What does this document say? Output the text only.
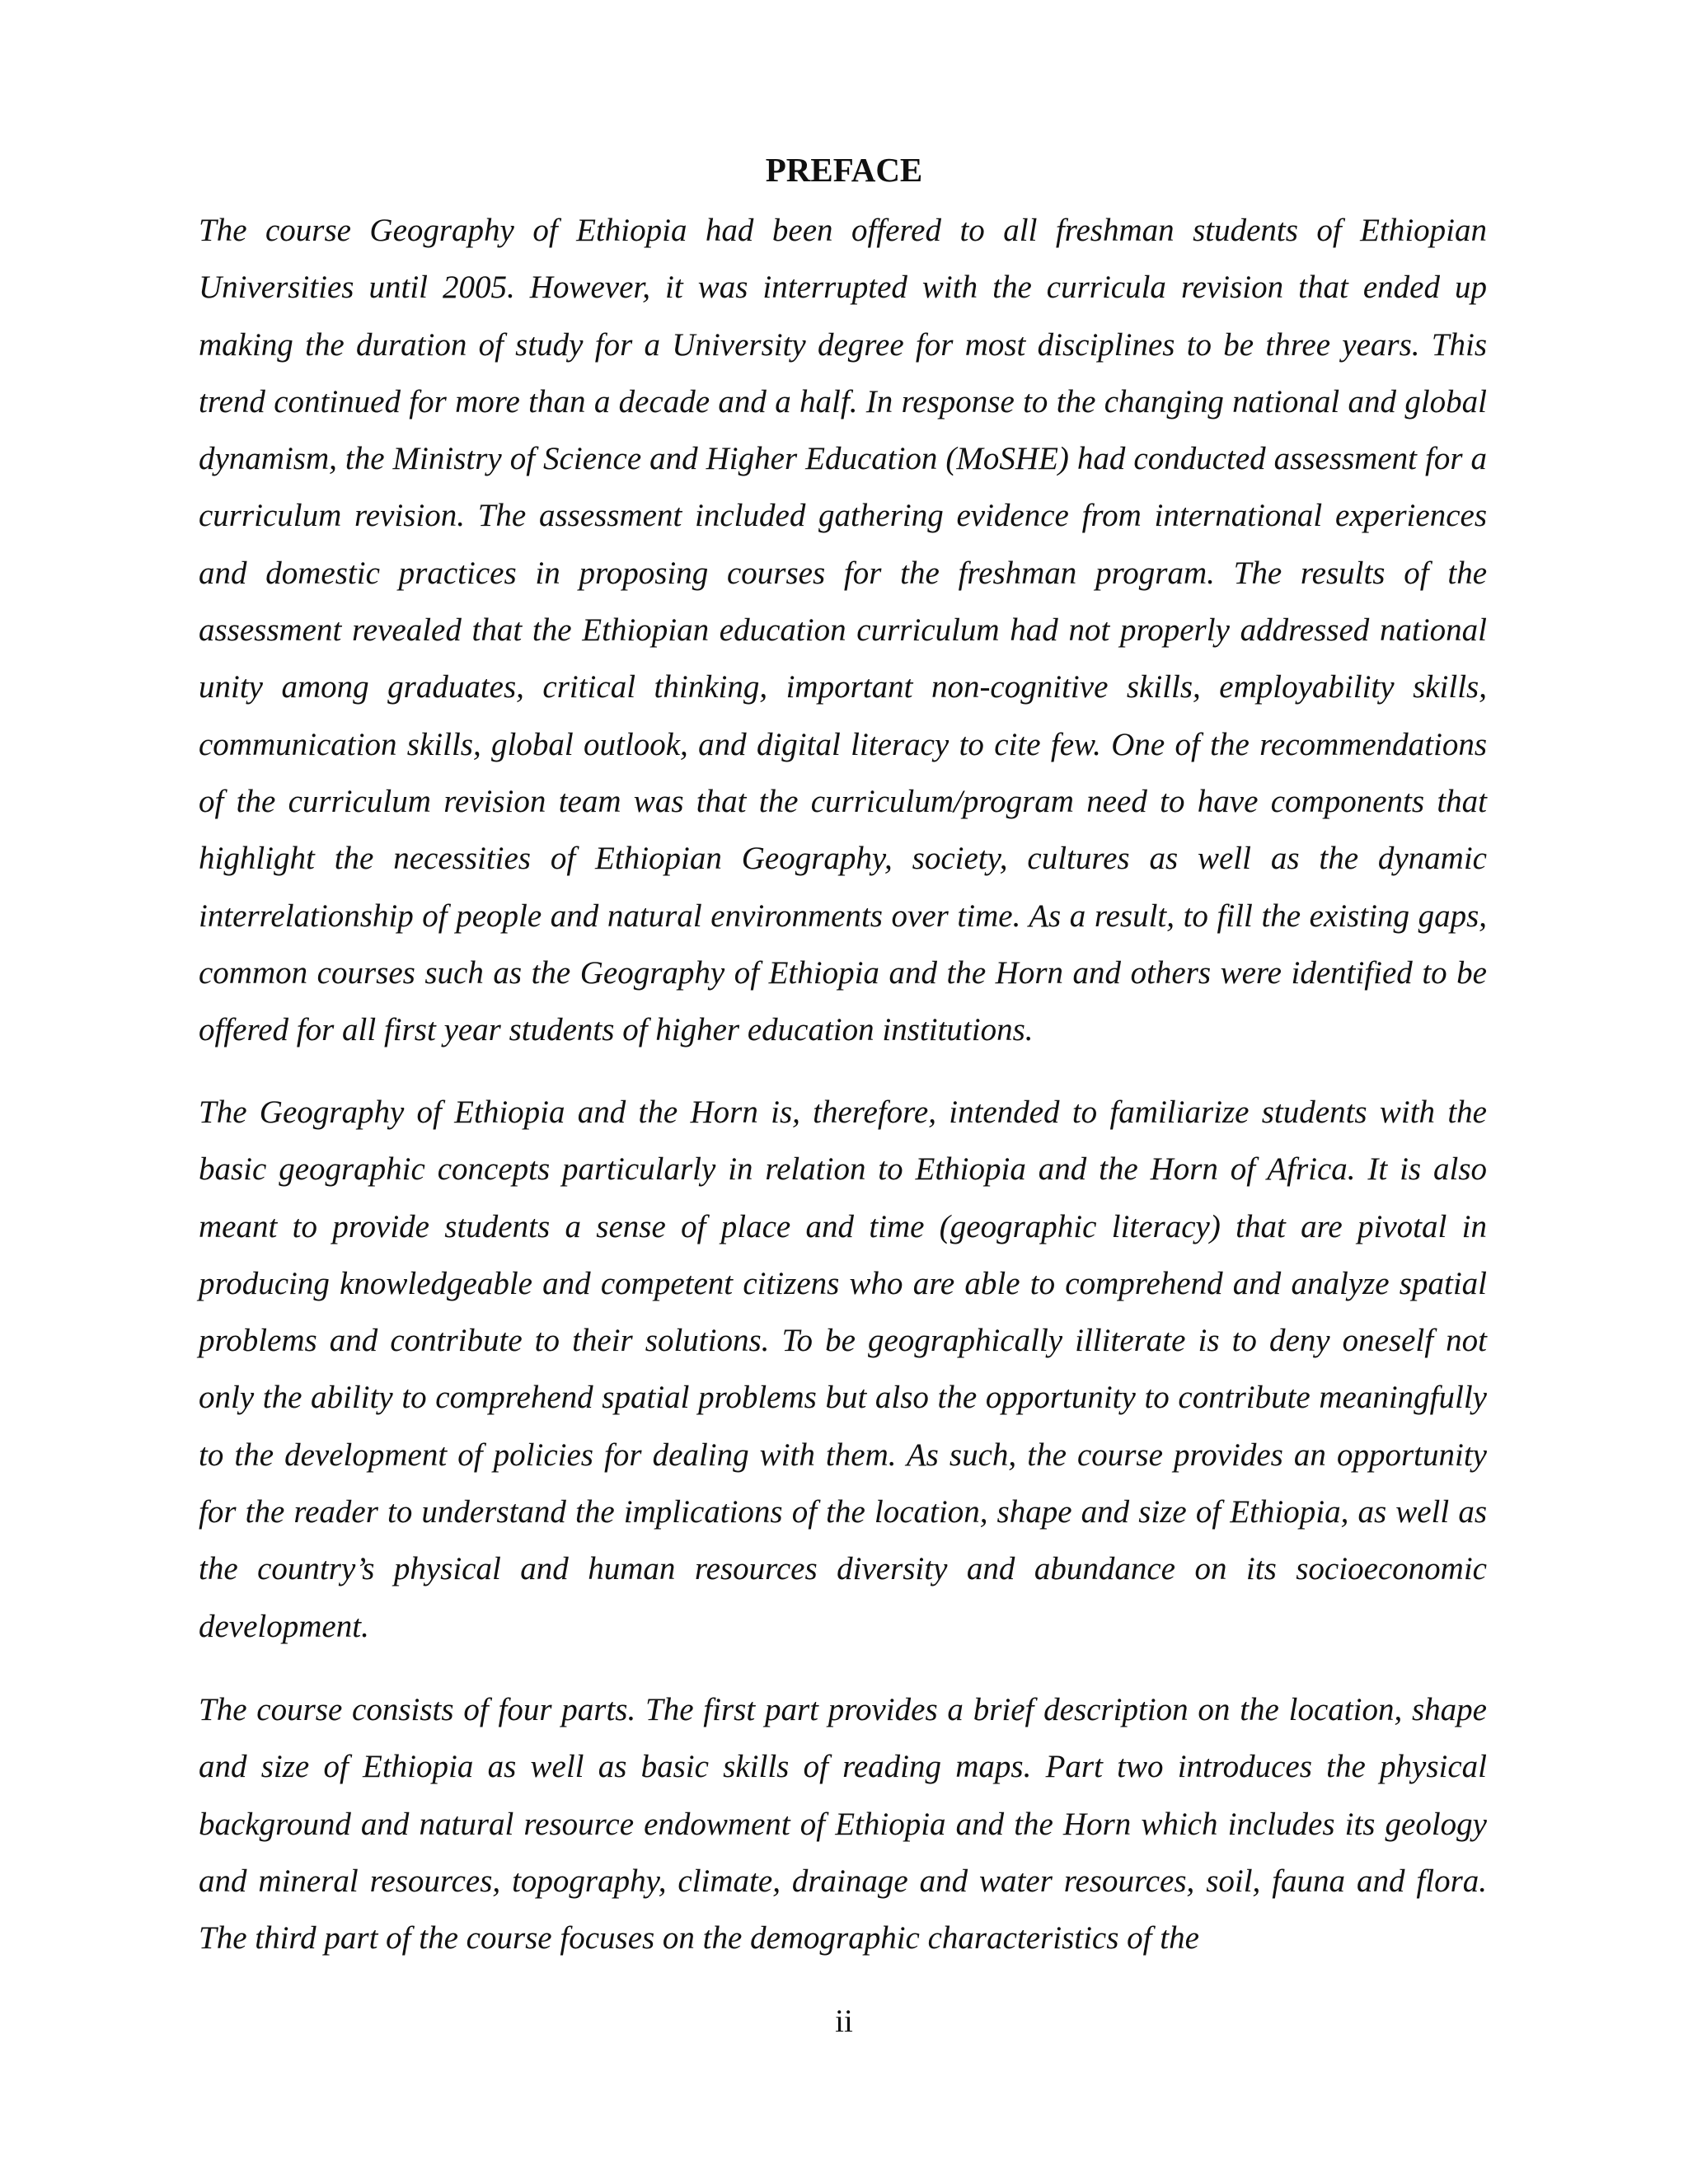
PREFACE

The course Geography of Ethiopia had been offered to all freshman students of Ethiopian Universities until 2005. However, it was interrupted with the curricula revision that ended up making the duration of study for a University degree for most disciplines to be three years. This trend continued for more than a decade and a half. In response to the changing national and global dynamism, the Ministry of Science and Higher Education (MoSHE) had conducted assessment for a curriculum revision. The assessment included gathering evidence from international experiences and domestic practices in proposing courses for the freshman program. The results of the assessment revealed that the Ethiopian education curriculum had not properly addressed national unity among graduates, critical thinking, important non-cognitive skills, employability skills, communication skills, global outlook, and digital literacy to cite few. One of the recommendations of the curriculum revision team was that the curriculum/program need to have components that highlight the necessities of Ethiopian Geography, society, cultures as well as the dynamic interrelationship of people and natural environments over time. As a result, to fill the existing gaps, common courses such as the Geography of Ethiopia and the Horn and others were identified to be offered for all first year students of higher education institutions.

The Geography of Ethiopia and the Horn is, therefore, intended to familiarize students with the basic geographic concepts particularly in relation to Ethiopia and the Horn of Africa. It is also meant to provide students a sense of place and time (geographic literacy) that are pivotal in producing knowledgeable and competent citizens who are able to comprehend and analyze spatial problems and contribute to their solutions. To be geographically illiterate is to deny oneself not only the ability to comprehend spatial problems but also the opportunity to contribute meaningfully to the development of policies for dealing with them. As such, the course provides an opportunity for the reader to understand the implications of the location, shape and size of Ethiopia, as well as the country’s physical and human resources diversity and abundance on its socioeconomic development.

The course consists of four parts. The first part provides a brief description on the location, shape and size of Ethiopia as well as basic skills of reading maps. Part two introduces the physical background and natural resource endowment of Ethiopia and the Horn which includes its geology and mineral resources, topography, climate, drainage and water resources, soil, fauna and flora. The third part of the course focuses on the demographic characteristics of the

ii
